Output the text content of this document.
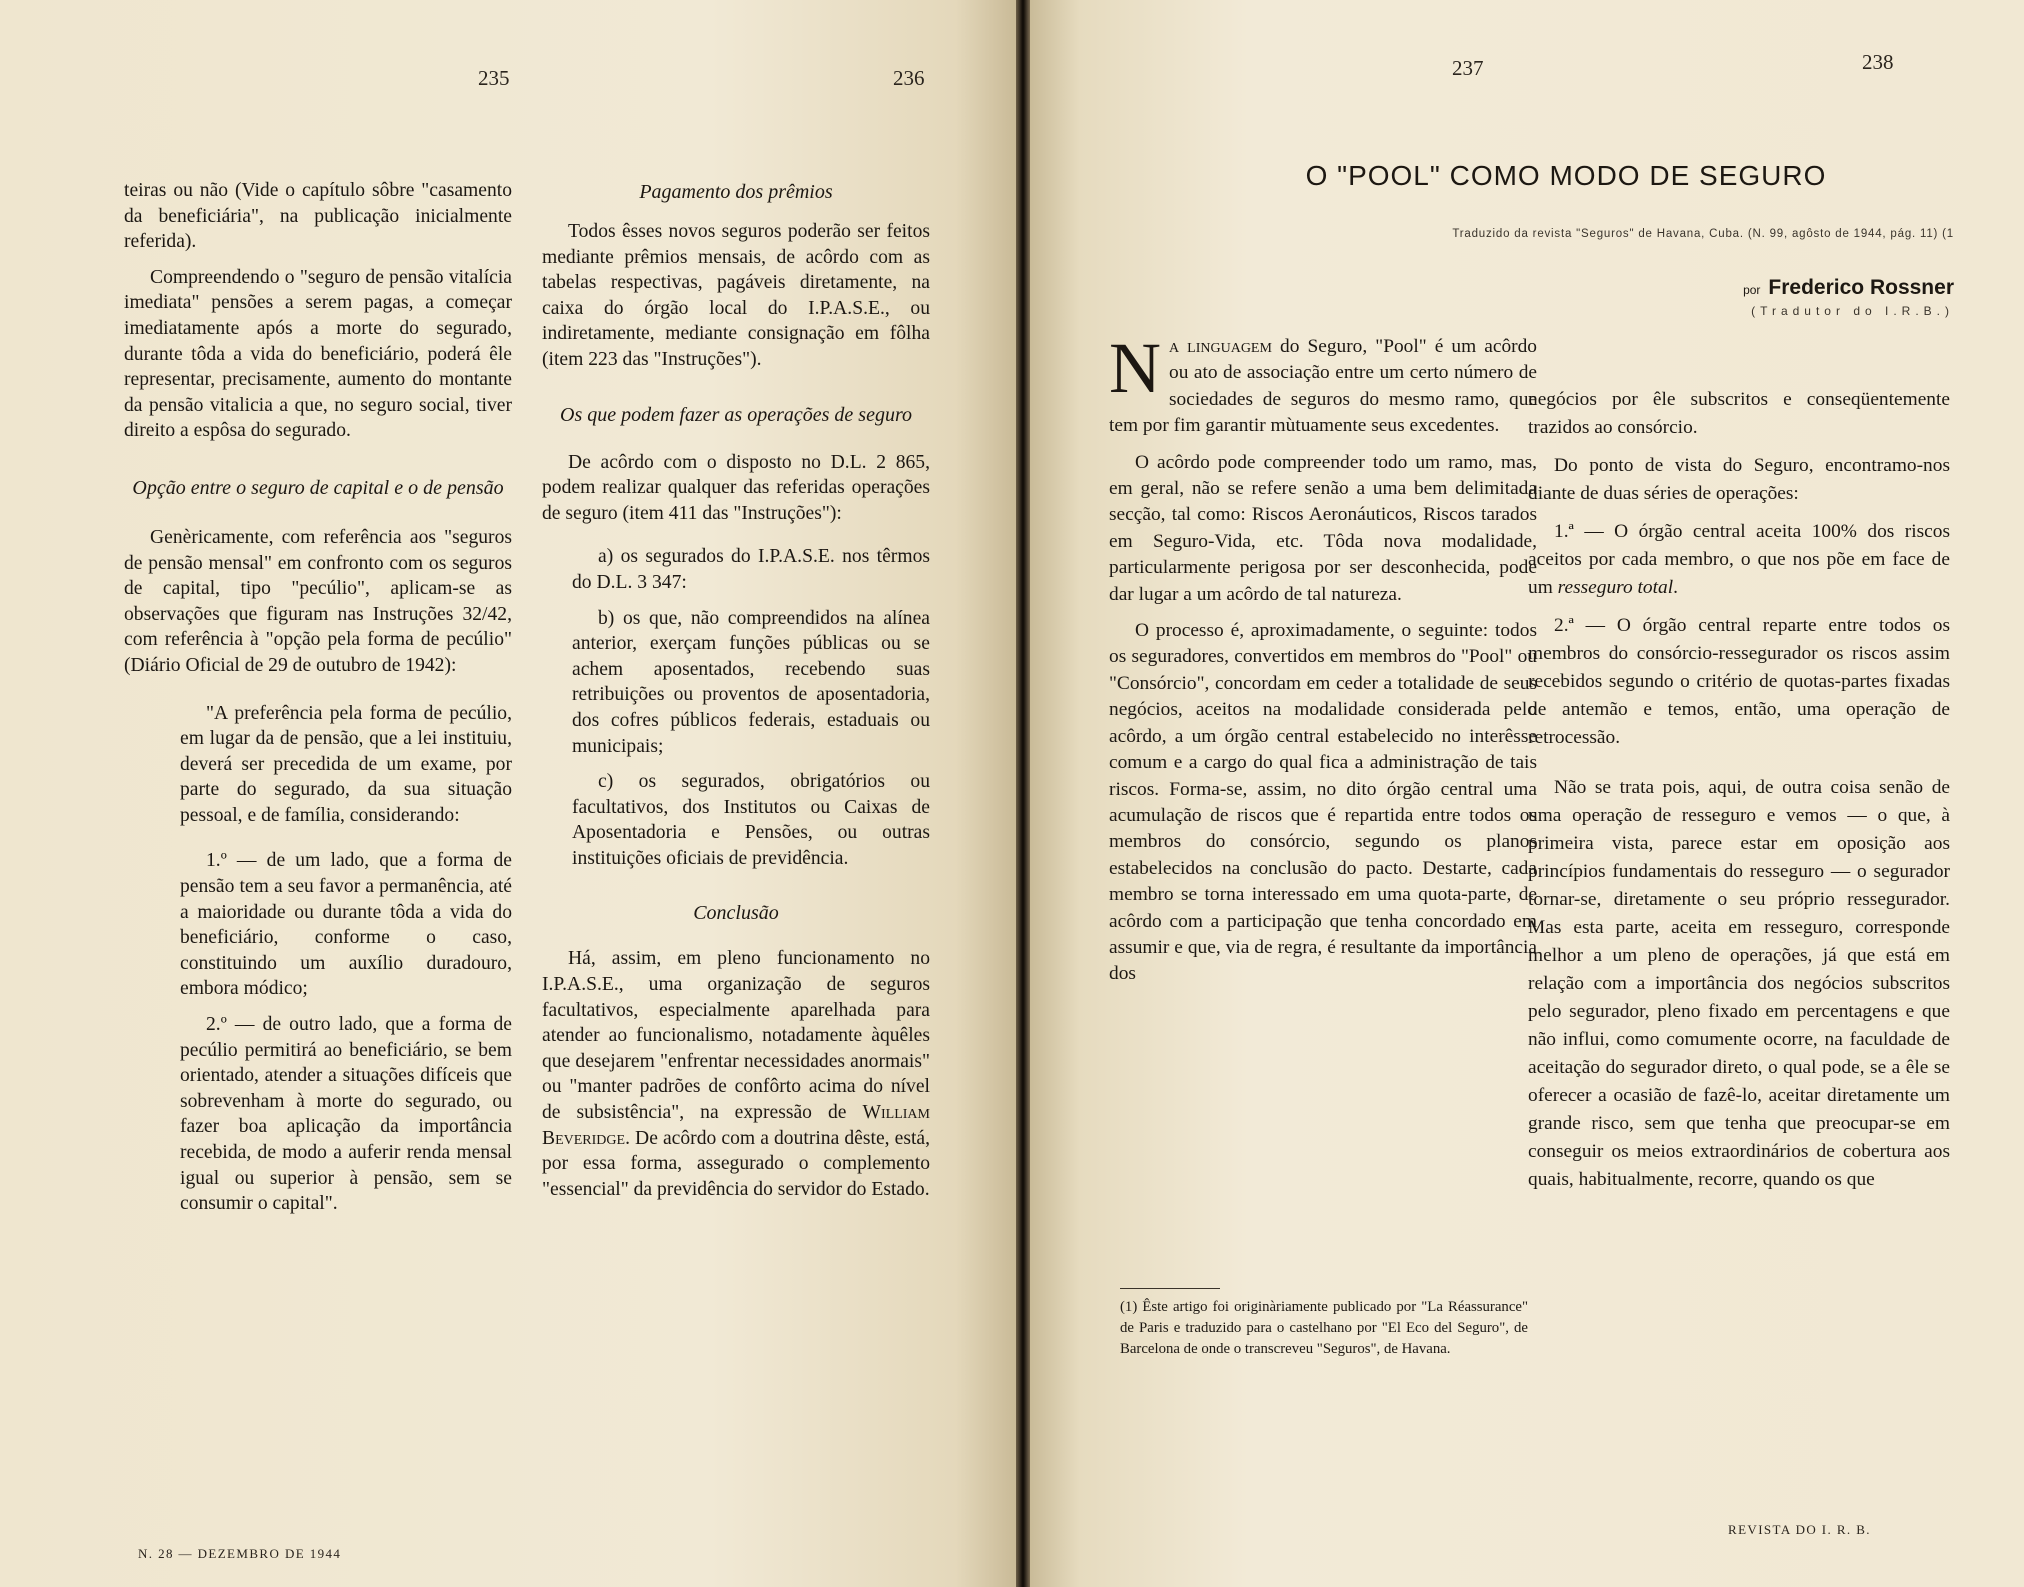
235	236

teiras ou não (Vide o capítulo sôbre "casamento da beneficiária", na publicação inicialmente referida).

Compreendendo o "seguro de pensão vitalícia imediata" pensões a serem pagas, a começar imediatamente após a morte do segurado, durante tôda a vida do beneficiário, poderá êle representar, precisamente, aumento do montante da pensão vitalicia a que, no seguro social, tiver direito a espôsa do segurado.

Opção entre o seguro de capital e o de pensão

Genèricamente, com referência aos "seguros de pensão mensal" em confronto com os seguros de capital, tipo "pecúlio", aplicam-se as observações que figuram nas Instruções 32/42, com referência à "opção pela forma de pecúlio" (Diário Oficial de 29 de outubro de 1942):

"A preferência pela forma de pecúlio, em lugar da de pensão, que a lei instituiu, deverá ser precedida de um exame, por parte do segurado, da sua situação pessoal, e de família, considerando:

1.º — de um lado, que a forma de pensão tem a seu favor a permanência, até a maioridade ou durante tôda a vida do beneficiário, conforme o caso, constituindo um auxílio duradouro, embora módico;

2.º — de outro lado, que a forma de pecúlio permitirá ao beneficiário, se bem orientado, atender a situações difíceis que sobrevenham à morte do segurado, ou fazer boa aplicação da importância recebida, de modo a auferir renda mensal igual ou superior à pensão, sem se consumir o capital".

Pagamento dos prêmios

Todos êsses novos seguros poderão ser feitos mediante prêmios mensais, de acôrdo com as tabelas respectivas, pagáveis diretamente, na caixa do órgão local do I.P.A.S.E., ou indiretamente, mediante consignação em fôlha (item 223 das "Instruções").

Os que podem fazer as operações de seguro

De acôrdo com o disposto no D.L. 2 865, podem realizar qualquer das referidas operações de seguro (item 411 das "Instruções"):

a) os segurados do I.P.A.S.E. nos têrmos do D.L. 3 347:

b) os que, não compreendidos na alínea anterior, exerçam funções públicas ou se achem aposentados, recebendo suas retribuições ou proventos de aposentadoria, dos cofres públicos federais, estaduais ou municipais;

c) os segurados, obrigatórios ou facultativos, dos Institutos ou Caixas de Aposentadoria e Pensões, ou outras instituições oficiais de previdência.

Conclusão

Há, assim, em pleno funcionamento no I.P.A.S.E., uma organização de seguros facultativos, especialmente aparelhada para atender ao funcionalismo, notadamente àquêles que desejarem "enfrentar necessidades anormais" ou "manter padrões de confôrto acima do nível de subsistência", na expressão de William Beveridge. De acôrdo com a doutrina dêste, está, por essa forma, assegurado o complemento "essencial" da previdência do servidor do Estado.

N. 28 — DEZEMBRO DE 1944
237	238
O "POOL" COMO MODO DE SEGURO
Traduzido da revista "Seguros" de Havana, Cuba. (N. 99, agôsto de 1944, pág. 11) (1
por Frederico Rossner
(Tradutor do I.R.B.)

Na linguagem do Seguro, "Pool" é um acôrdo ou ato de associação entre um certo número de sociedades de seguros do mesmo ramo, que tem por fim garantir mùtuamente seus excedentes.

O acôrdo pode compreender todo um ramo, mas, em geral, não se refere senão a uma bem delimitada secção, tal como: Riscos Aeronáuticos, Riscos tarados em Seguro-Vida, etc. Tôda nova modalidade, particularmente perigosa por ser desconhecida, pode dar lugar a um acôrdo de tal natureza.

O processo é, aproximadamente, o seguinte: todos os seguradores, convertidos em membros do "Pool" ou "Consórcio", concordam em ceder a totalidade de seus negócios, aceitos na modalidade considerada pelo acôrdo, a um órgão central estabelecido no interêsse comum e a cargo do qual fica a administração de tais riscos. Forma-se, assim, no dito órgão central uma acumulação de riscos que é repartida entre todos os membros do consórcio, segundo os planos estabelecidos na conclusão do pacto. Destarte, cada membro se torna interessado em uma quota-parte, de acôrdo com a participação que tenha concordado em assumir e que, via de regra, é resultante da importância dos

(1) Êste artigo foi originàriamente publicado por "La Réassurance" de Paris e traduzido para o castelhano por "El Eco del Seguro", de Barcelona de onde o transcreveu "Seguros", de Havana.

negócios por êle subscritos e conseqüentemente trazidos ao consórcio.

Do ponto de vista do Seguro, encontramo-nos diante de duas séries de operações:

1.ª — O órgão central aceita 100% dos riscos aceitos por cada membro, o que nos põe em face de um resseguro total.

2.ª — O órgão central reparte entre todos os membros do consórcio-ressegurador os riscos assim recebidos segundo o critério de quotas-partes fixadas de antemão e temos, então, uma operação de retrocessão.

Não se trata pois, aqui, de outra coisa senão de uma operação de resseguro e vemos — o que, à primeira vista, parece estar em oposição aos princípios fundamentais do resseguro — o segurador tornar-se, diretamente o seu próprio ressegurador. Mas esta parte, aceita em resseguro, corresponde melhor a um pleno de operações, já que está em relação com a importância dos negócios subscritos pelo segurador, pleno fixado em percentagens e que não influi, como comumente ocorre, na faculdade de aceitação do segurador direto, o qual pode, se a êle se oferecer a ocasião de fazê-lo, aceitar diretamente um grande risco, sem que tenha que preocupar-se em conseguir os meios extraordinários de cobertura aos quais, habitualmente, recorre, quando os que

REVISTA DO I. R. B.
